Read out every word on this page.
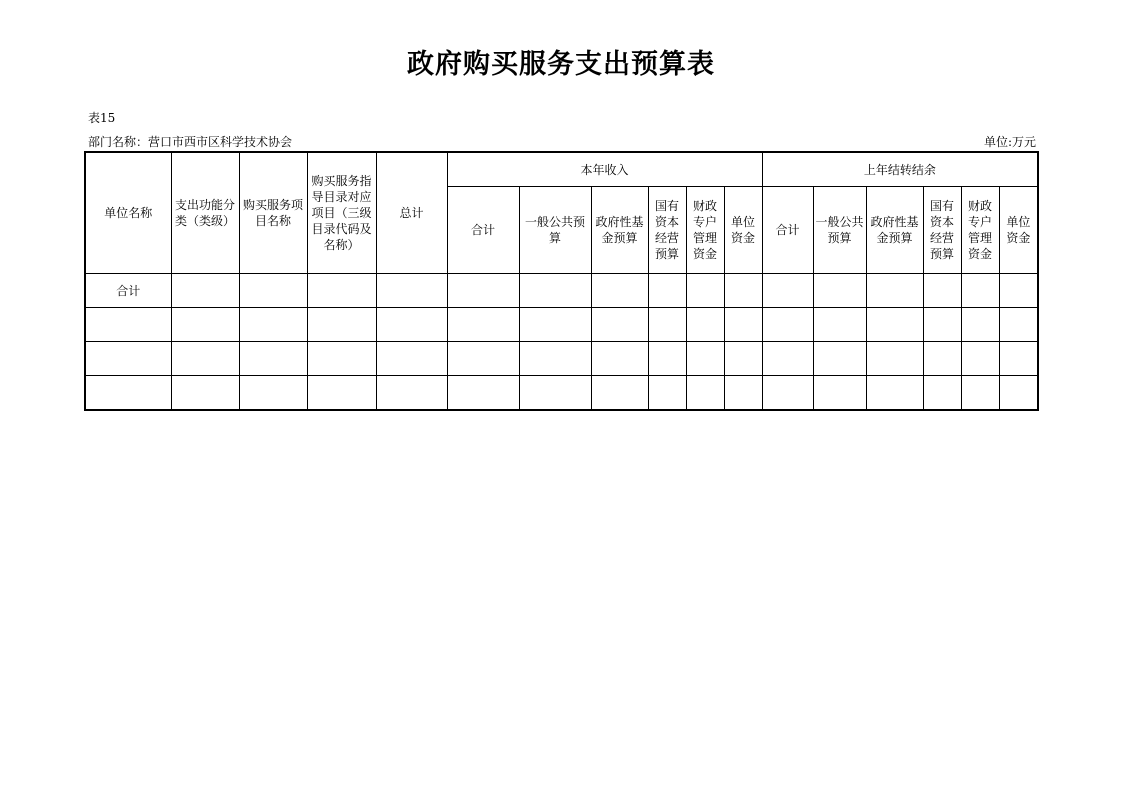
政府购买服务支出预算表
表15
部门名称：营口市西市区科学技术协会	单位:万元
单位名称	支出功能分类（类级）	购买服务项目名称	购买服务指导目录对应项目（三级目录代码及名称）	总计	本年收入						上年结转结余					
					合计	一般公共预算	政府性基金预算	国有资本经营预算	财政专户管理资金	单位资金	合计	一般公共预算	政府性基金预算	国有资本经营预算	财政专户管理资金	单位资金
合计																
